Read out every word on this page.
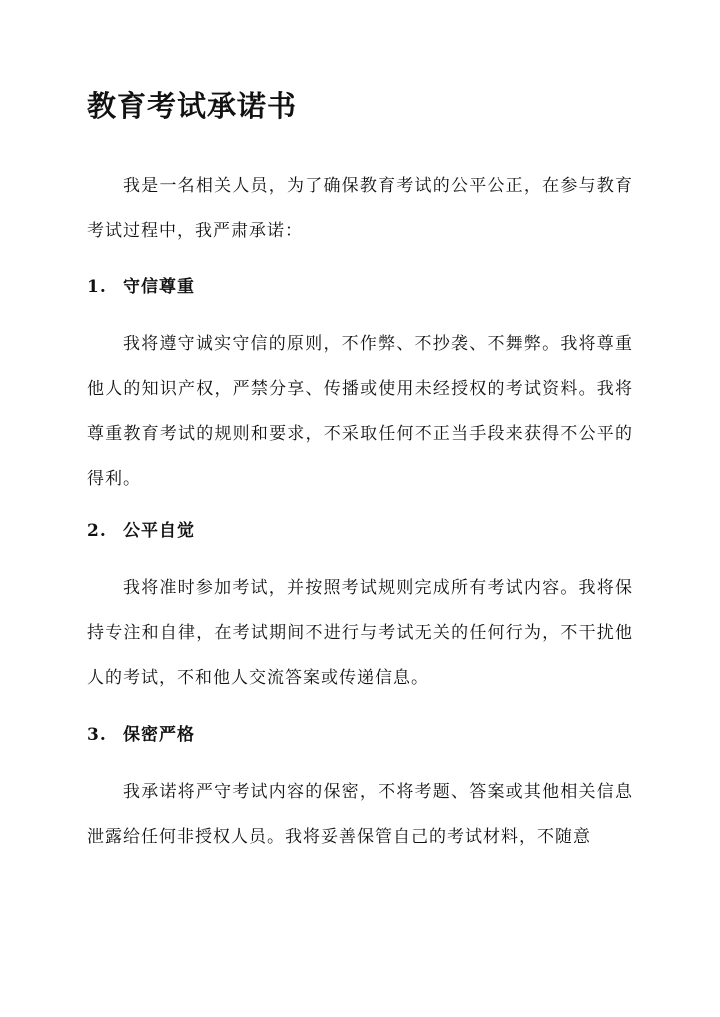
教育考试承诺书
我是一名相关人员，为了确保教育考试的公平公正，在参与教育考试过程中，我严肃承诺：
1. 守信尊重
我将遵守诚实守信的原则，不作弊、不抄袭、不舞弊。我将尊重他人的知识产权，严禁分享、传播或使用未经授权的考试资料。我将尊重教育考试的规则和要求，不采取任何不正当手段来获得不公平的得利。
2. 公平自觉
我将准时参加考试，并按照考试规则完成所有考试内容。我将保持专注和自律，在考试期间不进行与考试无关的任何行为，不干扰他人的考试，不和他人交流答案或传递信息。
3. 保密严格
我承诺将严守考试内容的保密，不将考题、答案或其他相关信息泄露给任何非授权人员。我将妥善保管自己的考试材料，不随意
